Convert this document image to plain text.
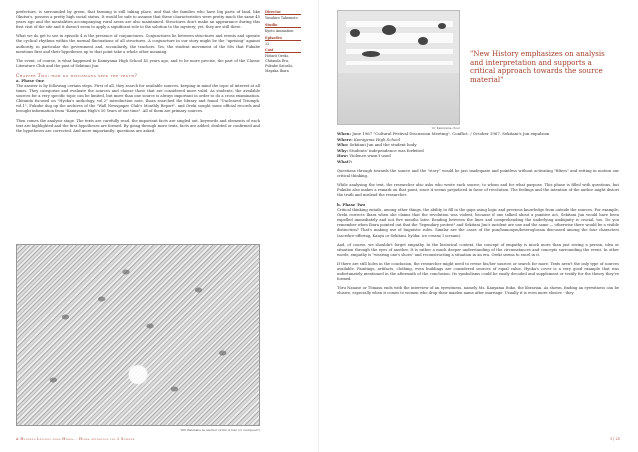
prefecture, is surrounded by green, that farming is still taking place, and that the families who have big parts of land, like Okutsu's, possess a pretty high social status. It would be safe to assume that these characteristics were pretty much the same 45 years ago and the mentalities accompanying rural areas are also maintained. Structures don't make an appearance during this first visit of the site and it doesn't seem to apply a significant role to the solution to the mystery; yet, they are still there.

What we do get to see in episode 4 is the presence of conjunctures. Conjunctures lie between structures and events and operate the cyclical rhythms within the normal fluctuations of all structures. A conjuncture in our story might be the "uprising" against authority, in particular the government and, secondarily, the teachers. Yes, the student movement of the 60s that Fukube mentions first and their hypotheses up to that point take a whole other meaning.

The event, of course, is what happened to Kamiyama High School 45 years ago, and to be more precise, the part of the Classic Literature Club and the past of Sekitani Jun.

Chapter Two: how do historians seek the truth?
a. Phase One

The answer is by following certain steps. First of all, they search for available sources, keeping in mind the topic of interest at all times. They categorize and evaluate the sources and choose those that are considered more valid. As students, the available sources for a very specific topic can be limited, but more than one source is always important in order to do a cross examination. Chitanda focused on "Hyoka's anthology, vol.2" introduction note, Ibara searched the library and found "Uncleared Triumph, vol.1", Fukube dug up the archives of the "Wall Newspaper Club's Monthly Report", and Oreki sought some official records and brought information from "Kamiyama High's 50 Years of our time". All of them are primary sources.

Then comes the analysis stage. The texts are carefully read, the important facts are singled out, keywords and elements of each text are highlighted and the first hypotheses are formed. By going through more texts, facts are added, doubted or confirmed and the hypotheses are corrected. And more importantly: questions are asked.

Director
Yasuhiro Takemoto
Studio
Kyoto Animation
Episodes
22
Cast
Hōtarō Oreki, Chitanda Eru, Fukube Satoshi, Mayaka Ibara
Will Watanabe be another victim of fear (or overspeed?)
A Hundred Lessons from Hyoka... Hyoka anthology vol 2 Summer
10: Kamiyama chool
"New History emphasizes on analysis and interpretation and supports a critical approach towards the source material"
When: June 1967 "Cultural Festival Discussion Meeting". Conflict. / October 1967. Sekitani's Jun expulsion
Where: Kamiyama High School
Who: Sekitani Jun and the student body
Why: Students' independence was forfeited
How: Violence wasn't used
What?:

Questions through towards the source and the "story" would be just inadequate and pointless without activating "filters" and setting in motion our critical thinking.

While analysing the text, the researcher also asks who wrote each source, to whom and for what purpose. This phase is filled with questions, but Fukube also makes a remark on that point, since it seems prejudiced in favor of revolution. The feelings and the intention of the author might distort the truth and mislead the researcher.

b. Phase Two

Critical thinking entails, among other things, the ability to fill in the gaps using logic and previous knowledge from outside the sources. For example, Oreki corrects Ibara when she claims that the revolution was violent, because if one talked about a punitive act, Sekitani Jun would have been expelled immediately and not five months later. Reading between the lines and comprehending the underlying ambiguity is crucial, too. Do you remember when Ibara pointed out that the "legendary protest" and Sekitani Jun's incident are one and the same — otherwise there would be a visible distinction? That's making use of linguistic rules. Similar are the cases of the pun/homonym/heteroglossia discussed among the four characters (sacrifice-offering, Kanya or Sekitani, hyōka: ice cream/ I scream).

And, of course, we shouldn't forget empathy. In the historical context, the concept of empathy is much more than just seeing a person, idea or situation through the eyes of another. It is rather a much deeper understanding of the circumstances and concepts surrounding the event. In other words, empathy is "wearing one's shoes" and reconstructing a situation in an era. Oreki seems to excel in it.

If there are still holes in the conclusion, the researcher might need to revise his/her sources or search for more. Texts aren't the only type of sources available. Paintings, artifacts, clothing, even buildings are considered sources of equal value. Hyoka's cover is a very good example that was unfortunately mentioned in the aftermath of the conclusion. Its symbolisms could be easily decoded and supplement or testify for the theory they've formed.

Tōru Nanase or Tōmasu ends with the interview of an eyewitness, namely Ms. Kanyama Itoko, the librarian. As shown, finding an eyewitness can be elusive, especially when it comes to women who drop their maiden name after marriage. Usually it is even more elusive - they

1 | 25
